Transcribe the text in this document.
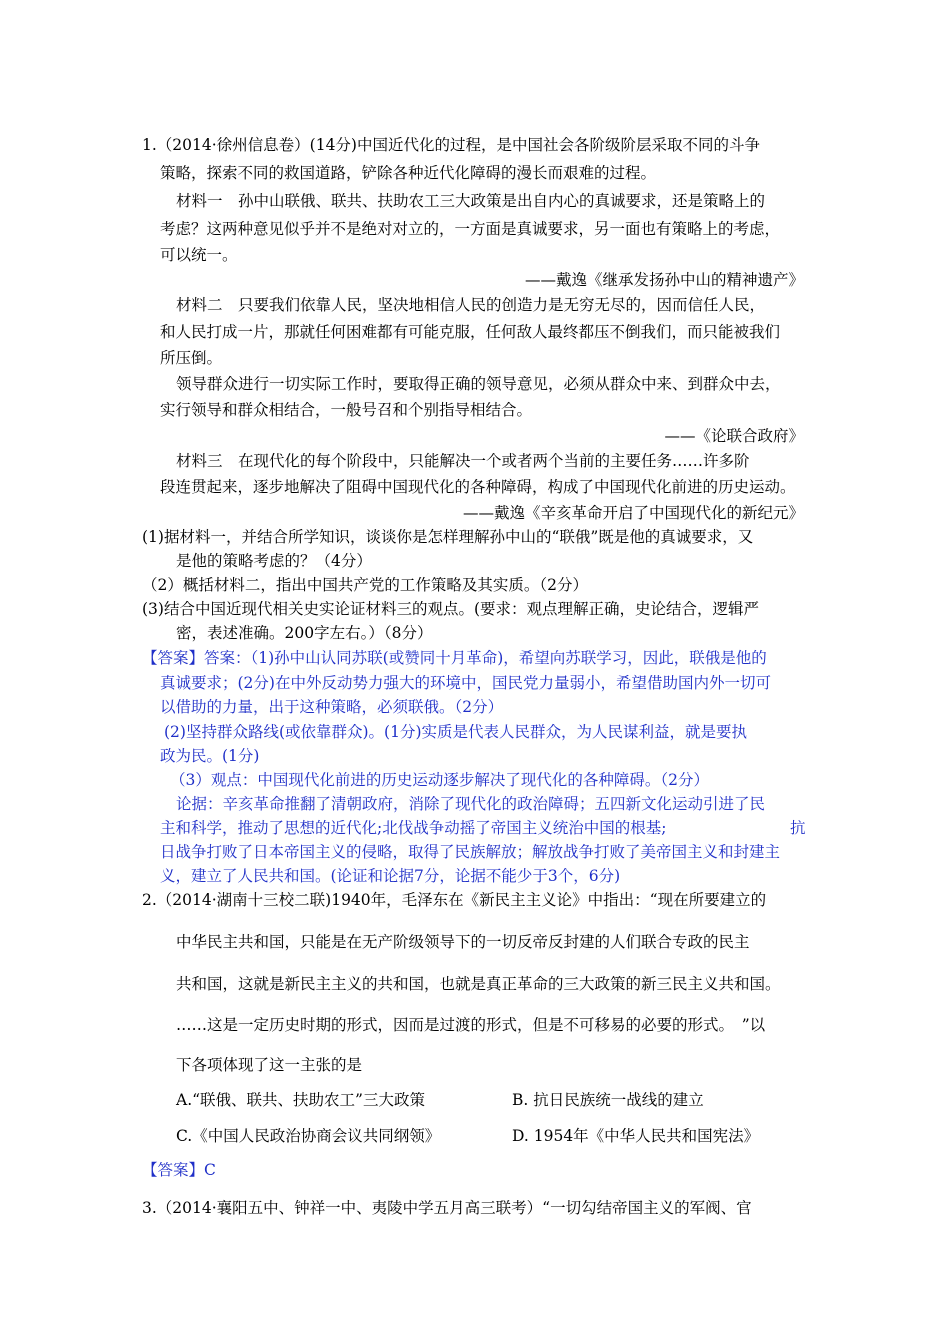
1.（2014·徐州信息卷）(14分)中国近代化的过程，是中国社会各阶级阶层采取不同的斗争
策略，探索不同的救国道路，铲除各种近代化障碍的漫长而艰难的过程。
材料一　孙中山联俄、联共、扶助农工三大政策是出自内心的真诚要求，还是策略上的
考虑？这两种意见似乎并不是绝对对立的，一方面是真诚要求，另一面也有策略上的考虑，
可以统一。
——戴逸《继承发扬孙中山的精神遗产》
材料二　只要我们依靠人民，坚决地相信人民的创造力是无穷无尽的，因而信任人民，
和人民打成一片，那就任何困难都有可能克服，任何敌人最终都压不倒我们，而只能被我们
所压倒。
领导群众进行一切实际工作时，要取得正确的领导意见，必须从群众中来、到群众中去，
实行领导和群众相结合，一般号召和个别指导相结合。
——《论联合政府》
材料三　在现代化的每个阶段中，只能解决一个或者两个当前的主要任务……许多阶
段连贯起来，逐步地解决了阻碍中国现代化的各种障碍，构成了中国现代化前进的历史运动。
——戴逸《辛亥革命开启了中国现代化的新纪元》
(1)据材料一，并结合所学知识，谈谈你是怎样理解孙中山的“联俄”既是他的真诚要求，又
是他的策略考虑的？（4分）
（2）概括材料二，指出中国共产党的工作策略及其实质。（2分）
(3)结合中国近现代相关史实论证材料三的观点。(要求：观点理解正确，史论结合，逻辑严
密，表述准确。200字左右。）（8分）
【答案】答案：（1)孙中山认同苏联(或赞同十月革命)，希望向苏联学习，因此，联俄是他的
真诚要求；(2分)在中外反动势力强大的环境中，国民党力量弱小，希望借助国内外一切可
以借助的力量，出于这种策略，必须联俄。（2分）
(2)坚持群众路线(或依靠群众)。(1分)实质是代表人民群众，为人民谋利益，就是要执
政为民。(1分)
（3）观点：中国现代化前进的历史运动逐步解决了现代化的各种障碍。（2分）
论据：辛亥革命推翻了清朝政府，消除了现代化的政治障碍；五四新文化运动引进了民
主和科学，推动了思想的近代化;北伐战争动摇了帝国主义统治中国的根基;	抗
日战争打败了日本帝国主义的侵略，取得了民族解放；解放战争打败了美帝国主义和封建主
义，建立了人民共和国。(论证和论据7分，论据不能少于3个，6分)
2.（2014·湖南十三校二联)1940年，毛泽东在《新民主主义论》中指出：“现在所要建立的
中华民主共和国，只能是在无产阶级领导下的一切反帝反封建的人们联合专政的民主
共和国，这就是新民主主义的共和国，也就是真正革命的三大政策的新三民主义共和国。
……这是一定历史时期的形式，因而是过渡的形式，但是不可移易的必要的形式。　”以
下各项体现了这一主张的是
A.“联俄、联共、扶助农工”三大政策	B. 抗日民族统一战线的建立
C.《中国人民政治协商会议共同纲领》	D. 1954年《中华人民共和国宪法》
【答案】C
3.（2014·襄阳五中、钟祥一中、夷陵中学五月高三联考）“一切勾结帝国主义的军阀、官
